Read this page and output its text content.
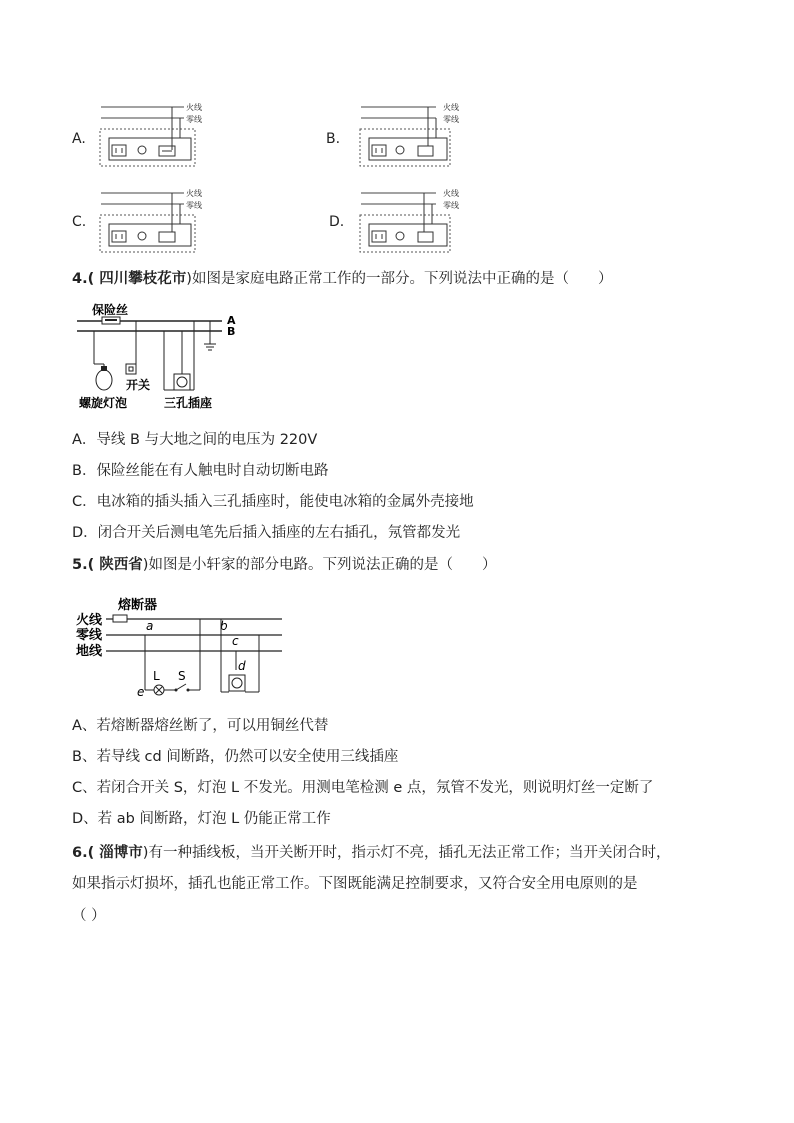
A.
火线
零线
B.
火线
零线
C.
火线
零线
D.
火线
零线
4.( 四川攀枝花市)如图是家庭电路正常工作的一部分。下列说法中正确的是（　　）
A
B
保险丝
螺旋灯泡
开关
三孔插座
A．导线 B 与大地之间的电压为 220V
B．保险丝能在有人触电时自动切断电路
C．电冰箱的插头插入三孔插座时，能使电冰箱的金属外壳接地
D．闭合开关后测电笔先后插入插座的左右插孔，氖管都发光
5.( 陕西省)如图是小轩家的部分电路。下列说法正确的是（　　）
火线
零线
地线
熔断器
a
L S
e
b
c
d
A、若熔断器熔丝断了，可以用铜丝代替
B、若导线 cd 间断路，仍然可以安全使用三线插座
C、若闭合开关 S，灯泡 L 不发光。用测电笔检测 e 点，氖管不发光，则说明灯丝一定断了
D、若 ab 间断路，灯泡 L 仍能正常工作
6.( 淄博市)有一种插线板，当开关断开时，指示灯不亮，插孔无法正常工作；当开关闭合时，
如果指示灯损坏，插孔也能正常工作。下图既能满足控制要求，又符合安全用电原则的是
（ ）
